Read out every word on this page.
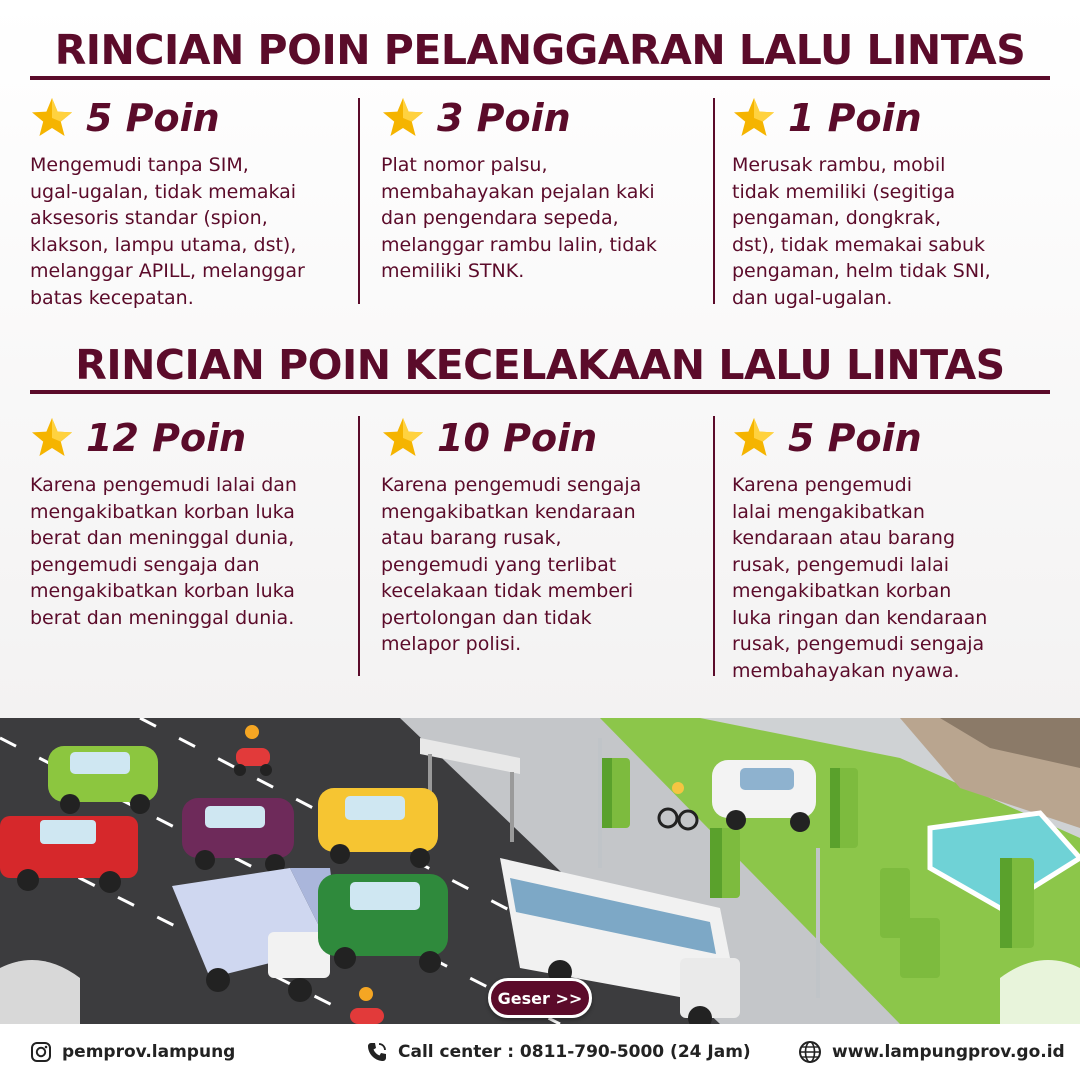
RINCIAN POIN PELANGGARAN LALU LINTAS
5 Poin
Mengemudi tanpa SIM,
ugal-ugalan, tidak memakai
aksesoris standar (spion,
klakson, lampu utama, dst),
melanggar APILL, melanggar
batas kecepatan.
3 Poin
Plat nomor palsu,
membahayakan pejalan kaki
dan pengendara sepeda,
melanggar rambu lalin, tidak
memiliki STNK.
1 Poin
Merusak rambu, mobil
tidak memiliki (segitiga
pengaman, dongkrak,
dst), tidak memakai sabuk
pengaman, helm tidak SNI,
dan ugal-ugalan.
RINCIAN POIN KECELAKAAN LALU LINTAS
12 Poin
Karena pengemudi lalai dan
mengakibatkan korban luka
berat dan meninggal dunia,
pengemudi sengaja dan
mengakibatkan korban luka
berat dan meninggal dunia.
10 Poin
Karena pengemudi sengaja
mengakibatkan kendaraan
atau barang rusak,
pengemudi yang terlibat
kecelakaan tidak memberi
pertolongan dan tidak
melapor polisi.
5 Poin
Karena pengemudi
lalai mengakibatkan
kendaraan atau barang
rusak, pengemudi lalai
mengakibatkan korban
luka ringan dan kendaraan
rusak, pengemudi sengaja
membahayakan nyawa.
Geser >>
pemprov.lampung	Call center : 0811-790-5000 (24 Jam)	www.lampungprov.go.id
